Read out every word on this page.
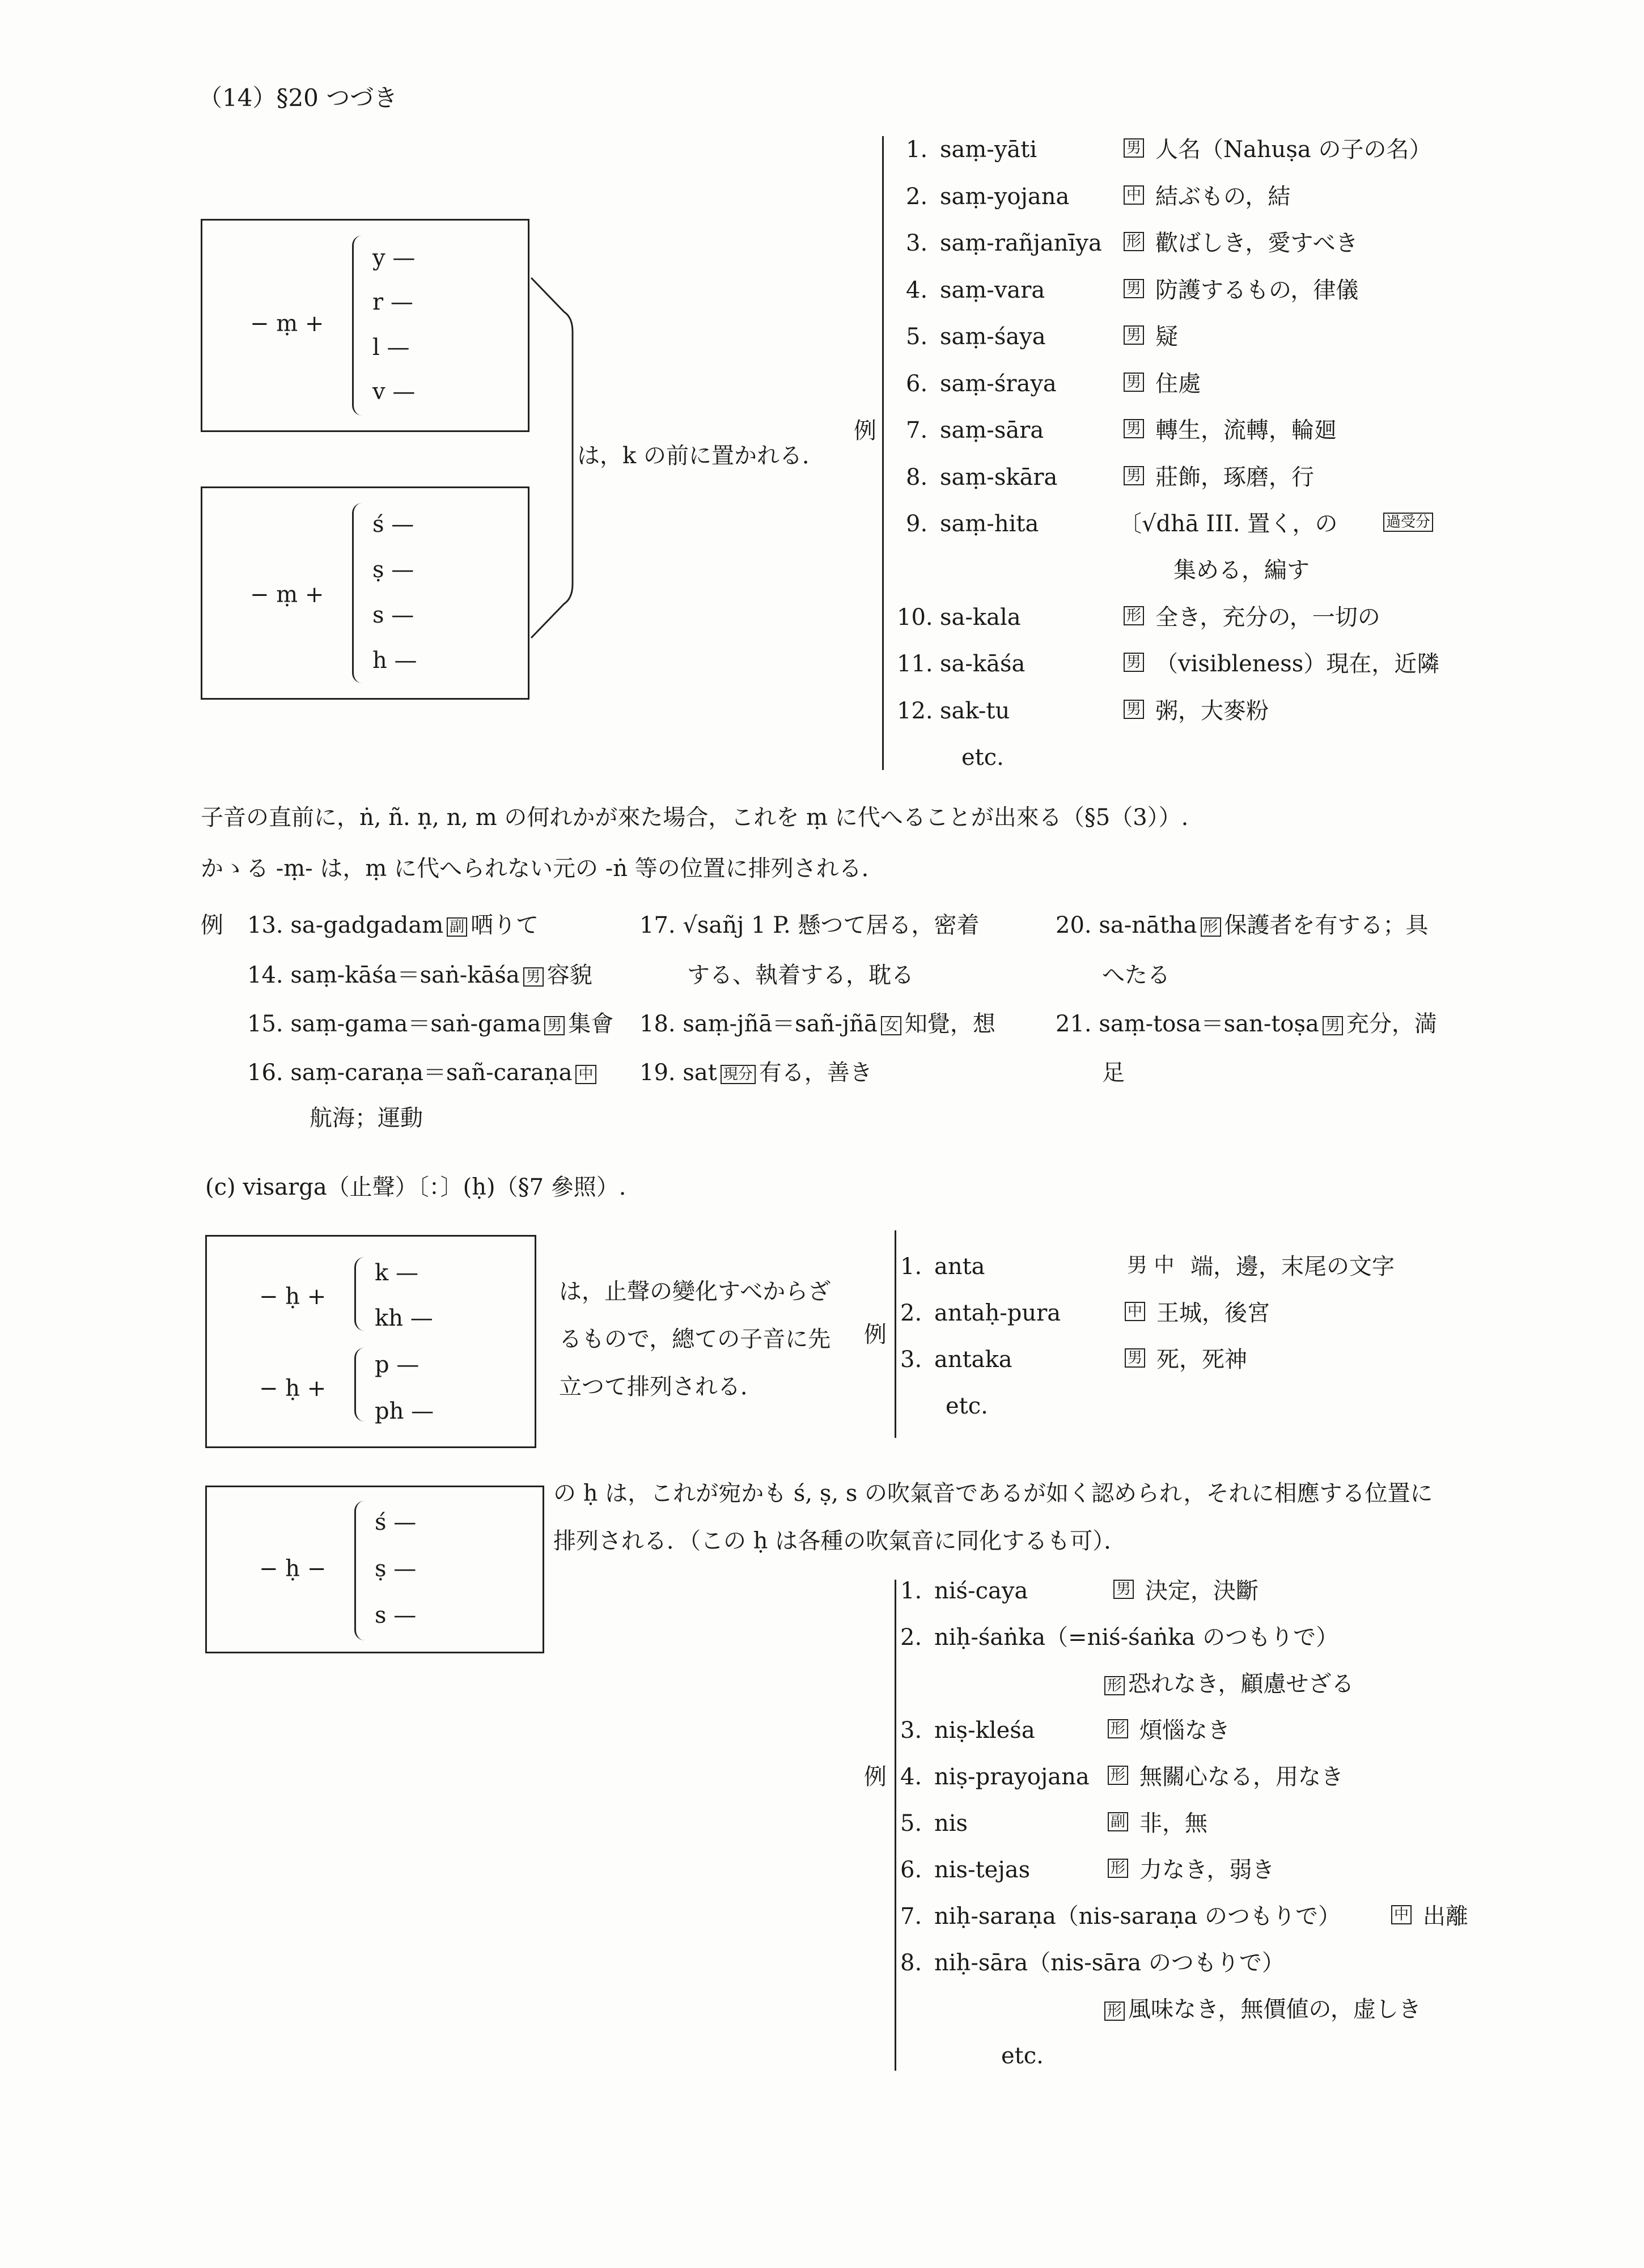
（14）§20 つづき
− ṃ +
y —
r —
l —
v —
− ṃ +
ś —
ṣ —
s —
h —
は，k の前に置かれる．
例
1. saṃ-yāti	男 人名（Nahuṣa の子の名）
2. saṃ-yojana	中 結ぶもの，結
3. saṃ-rañjanīya 形 歡ばしき，愛すべき
4. saṃ-vara	男 防護するもの，律儀
5. saṃ-śaya	男 疑
6. saṃ-śraya	男 住處
7. saṃ-sāra	男 轉生，流轉，輪廻
8. saṃ-skāra	男 莊飾，琢磨，行
9. saṃ-hita	〔√dhā III. 置く，の	過受分
集める，編す
10. sa-kala	形 全き，充分の，一切の
11. sa-kāśa	男 （visibleness）現在，近隣
12. sak-tu	男 粥，大麥粉
etc.
子音の直前に，ṅ, ñ. ṇ, n, m の何れかが來た場合，これを ṃ に代へることが出來る（§5（3））.
かゝる -ṃ- は，ṃ に代へられない元の -ṅ 等の位置に排列される．
例 13. sa-gadgadam 副 哂りて
14. saṃ-kāśa＝saṅ-kāśa 男 容貌
15. saṃ-gama＝saṅ-gama 男 集會
16. saṃ-caraṇa＝sañ-caraṇa 中
航海；運動
17. √sañj 1 P. 懸つて居る，密着
する、執着する，耽る
18. saṃ-jñā＝sañ-jñā 女 知覺，想
19. sat 現分 有る，善き
20. sa-nātha 形 保護者を有する；具
へたる
21. saṃ-tosa＝san-toṣa 男 充分，満
足
(c) visarga（止聲）〔：〕(ḥ)（§7 參照）.
− ḥ +
k —
kh —
− ḥ +
p —
ph —
は，止聲の變化すべからざ
るもので，總ての子音に先
立つて排列される．
例
1. anta	男 中 端，邊，末尾の文字
2. antaḥ-pura	中 王城，後宮
3. antaka	男 死，死神
etc.
− ḥ −
ś —
ṣ —
s —
の ḥ は，これが宛かも ś, ṣ, s の吹氣音であるが如く認められ，それに相應する位置に
排列される．（この ḥ は各種の吹氣音に同化するも可）．
例
1. niś-caya	男 決定，決斷
2. niḥ-śaṅka（=niś-śaṅka のつもりで）
形 恐れなき，顧慮せざる
3. niṣ-kleśa	形 煩惱なき
4. niṣ-prayojana 形 無關心なる，用なき
5. nis	副 非，無
6. nis-tejas	形 力なき，弱き
7. niḥ-saraṇa（nis-saraṇa のつもりで）	中 出離
8. niḥ-sāra（nis-sāra のつもりで）
形 風味なき，無價値の，虚しき
etc.
